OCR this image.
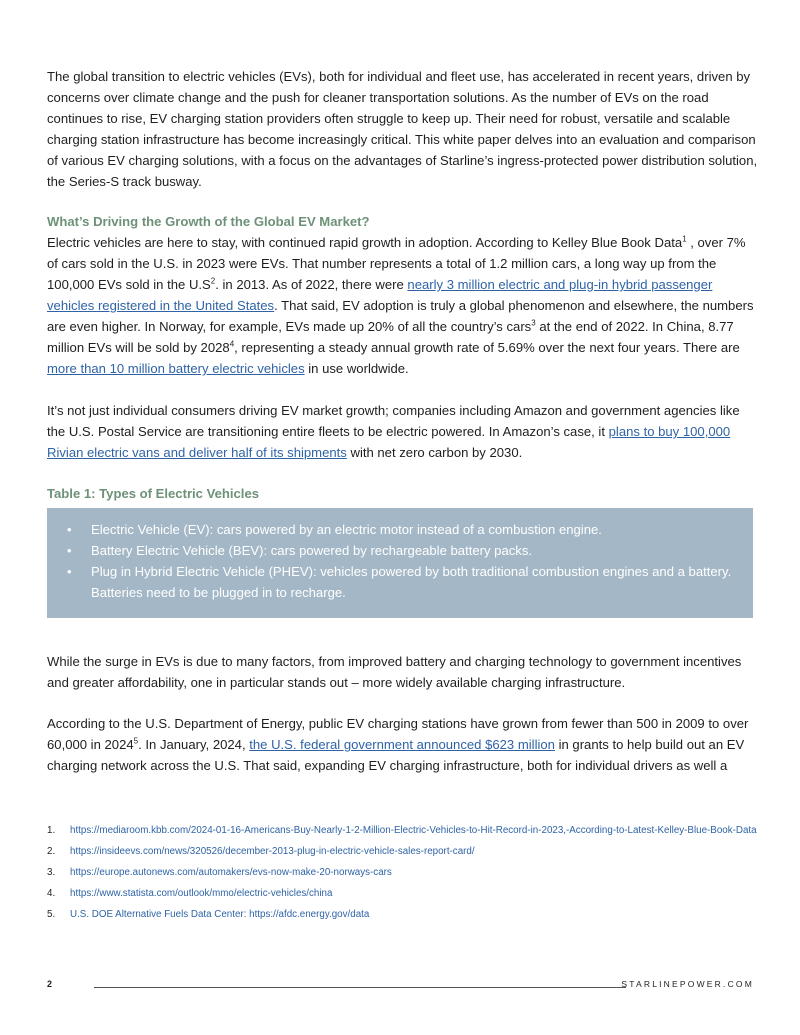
The global transition to electric vehicles (EVs), both for individual and fleet use, has accelerated in recent years, driven by concerns over climate change and the push for cleaner transportation solutions. As the number of EVs on the road continues to rise, EV charging station providers often struggle to keep up. Their need for robust, versatile and scalable charging station infrastructure has become increasingly critical. This white paper delves into an evaluation and comparison of various EV charging solutions, with a focus on the advantages of Starline’s ingress-protected power distribution solution, the Series-S track busway.

What’s Driving the Growth of the Global EV Market?

Electric vehicles are here to stay, with continued rapid growth in adoption. According to Kelley Blue Book Data$^1$ , over 7% of cars sold in the U.S. in 2023 were EVs. That number represents a total of 1.2 million cars, a long way up from the 100,000 EVs sold in the $U.S^2$. in 2013. As of 2022, there were nearly 3 million electric and plug-in hybrid passenger vehicles registered in the United States. That said, EV adoption is truly a global phenomenon and elsewhere, the numbers are even higher. In Norway, for example, EVs made up 20% of all the country’s cars$^3$ at the end of 2022. In China, 8.77 million EVs will be sold by 2028$^4$, representing a steady annual growth rate of 5.69% over the next four years. There are more than 10 million battery electric vehicles in use worldwide.

It’s not just individual consumers driving EV market growth; companies including Amazon and government agencies like the U.S. Postal Service are transitioning entire fleets to be electric powered. In Amazon’s case, it plans to buy 100,000 Rivian electric vans and deliver half of its shipments with net zero carbon by 2030.

Table 1: Types of Electric Vehicles
• Electric Vehicle (EV): cars powered by an electric motor instead of a combustion engine.
• Battery Electric Vehicle (BEV): cars powered by rechargeable battery packs.
• Plug in Hybrid Electric Vehicle (PHEV): vehicles powered by both traditional combustion engines and a battery. Batteries need to be plugged in to recharge.

While the surge in EVs is due to many factors, from improved battery and charging technology to government incentives and greater affordability, one in particular stands out – more widely available charging infrastructure.

According to the U.S. Department of Energy, public EV charging stations have grown from fewer than 500 in 2009 to over 60,000 in 2024$^5$. In January, 2024, the U.S. federal government announced $623 million in grants to help build out an EV charging network across the U.S. That said, expanding EV charging infrastructure, both for individual drivers as well a

1. https://mediaroom.kbb.com/2024-01-16-Americans-Buy-Nearly-1-2-Million-Electric-Vehicles-to-Hit-Record-in-2023,-According-to-Latest-Kelley-Blue-Book-Data
2. https://insideevs.com/news/320526/december-2013-plug-in-electric-vehicle-sales-report-card/
3. https://europe.autonews.com/automakers/evs-now-make-20-norways-cars
4. https://www.statista.com/outlook/mmo/electric-vehicles/china
5. U.S. DOE Alternative Fuels Data Center: https://afdc.energy.gov/data
2	STARLINEPOWER.COM
